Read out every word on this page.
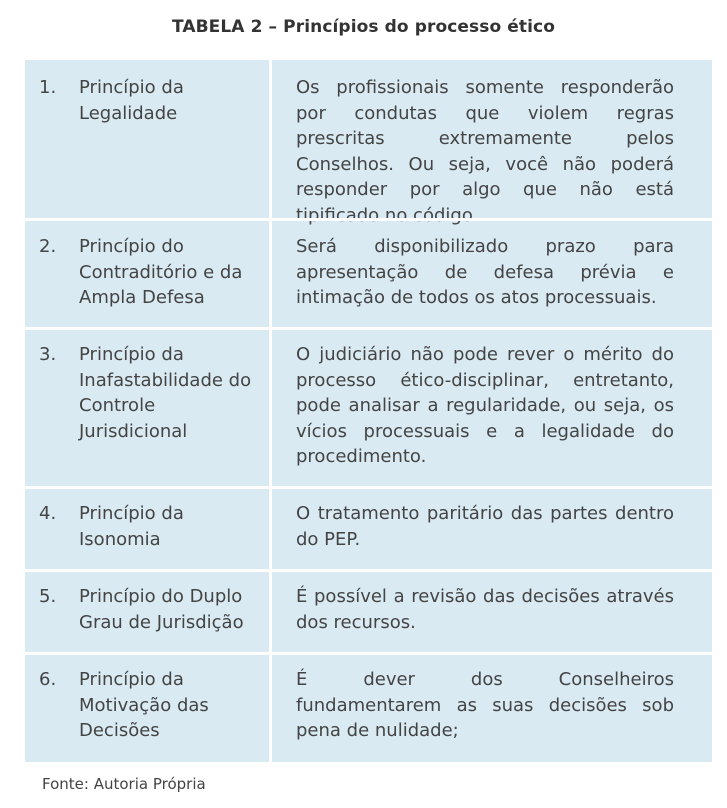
TABELA 2 – Princípios do processo ético
1. Princípio da Legalidade
Os profissionais somente responderão por condutas que violem regras prescritas extremamente pelos Conselhos. Ou seja, você não poderá responder por algo que não está tipificado no código.
2. Princípio do Contraditório e da Ampla Defesa
Será disponibilizado prazo para apresentação de defesa prévia e intimação de todos os atos processuais.
3. Princípio da Inafastabilidade do Controle Jurisdicional
O judiciário não pode rever o mérito do processo ético-disciplinar, entretanto, pode analisar a regularidade, ou seja, os vícios processuais e a legalidade do procedimento.
4. Princípio da Isonomia
O tratamento paritário das partes dentro do PEP.
5. Princípio do Duplo Grau de Jurisdição
É possível a revisão das decisões através dos recursos.
6. Princípio da Motivação das Decisões
É dever dos Conselheiros fundamentarem as suas decisões sob pena de nulidade;
Fonte: Autoria Própria
